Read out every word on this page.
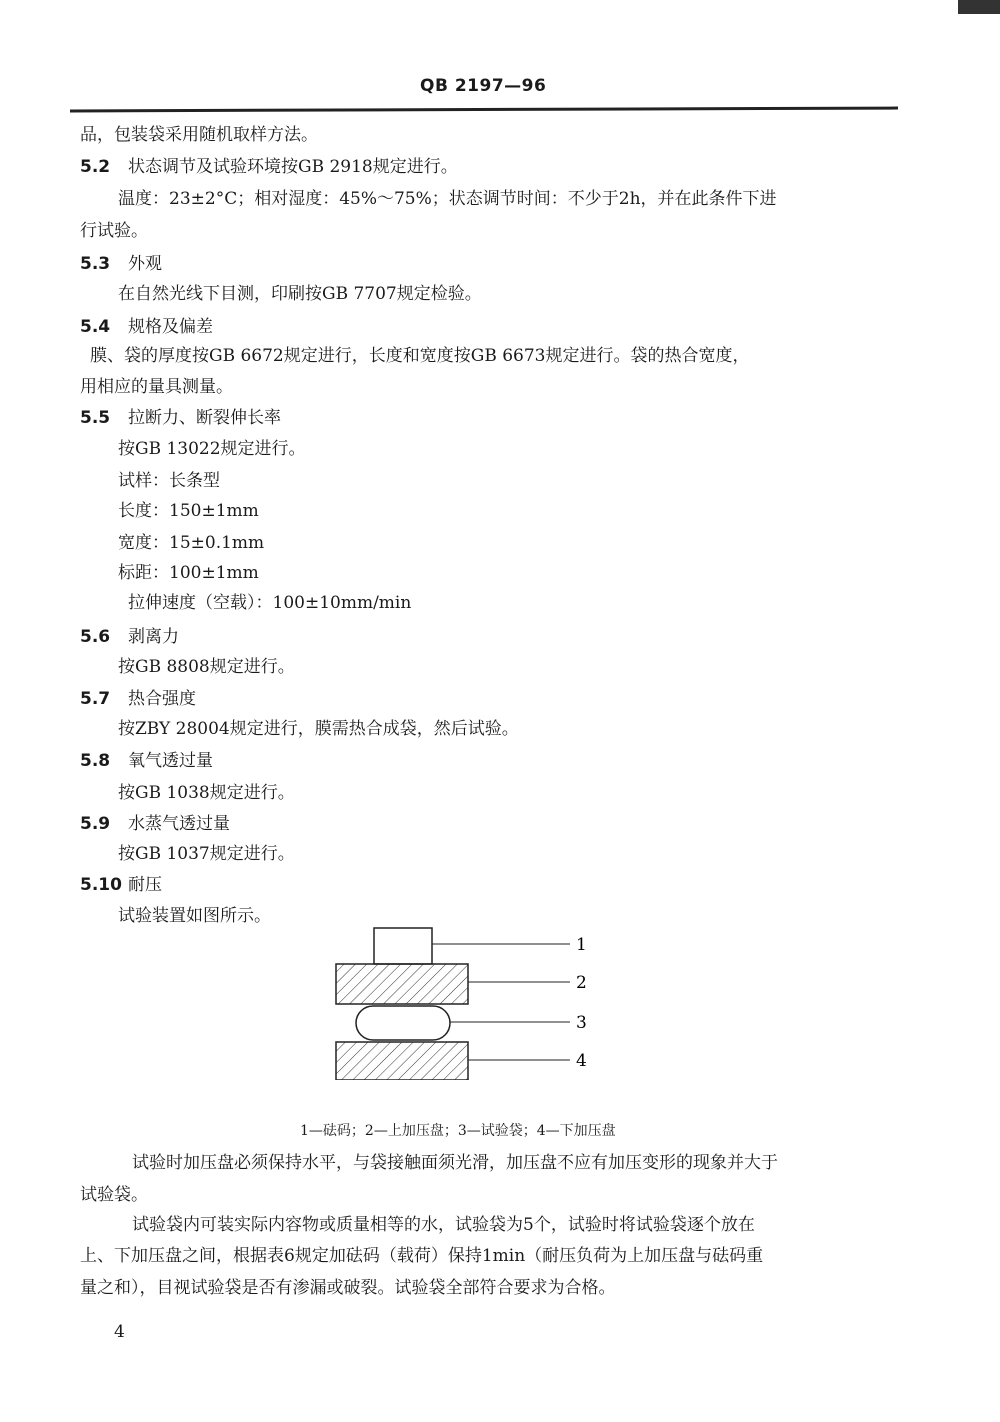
QB 2197—96
品，包装袋采用随机取样方法。
5.2 状态调节及试验环境按GB 2918规定进行。
温度：23±2°C；相对湿度：45%～75%；状态调节时间：不少于2h，并在此条件下进
行试验。
5.3 外观
在自然光线下目测，印刷按GB 7707规定检验。
5.4 规格及偏差
膜、袋的厚度按GB 6672规定进行，长度和宽度按GB 6673规定进行。袋的热合宽度，
用相应的量具测量。
5.5 拉断力、断裂伸长率
按GB 13022规定进行。
试样：长条型
长度：150±1mm
宽度：15±0.1mm
标距：100±1mm
拉伸速度（空载）：100±10mm/min
5.6 剥离力
按GB 8808规定进行。
5.7 热合强度
按ZBY 28004规定进行，膜需热合成袋，然后试验。
5.8 氧气透过量
按GB 1038规定进行。
5.9 水蒸气透过量
按GB 1037规定进行。
5.10 耐压
试验装置如图所示。
1
2
3
4
1—砝码；2—上加压盘；3—试验袋；4—下加压盘
试验时加压盘必须保持水平，与袋接触面须光滑，加压盘不应有加压变形的现象并大于
试验袋。
试验袋内可装实际内容物或质量相等的水，试验袋为5个，试验时将试验袋逐个放在
上、下加压盘之间，根据表6规定加砝码（载荷）保持1min（耐压负荷为上加压盘与砝码重
量之和），目视试验袋是否有渗漏或破裂。试验袋全部符合要求为合格。
4
